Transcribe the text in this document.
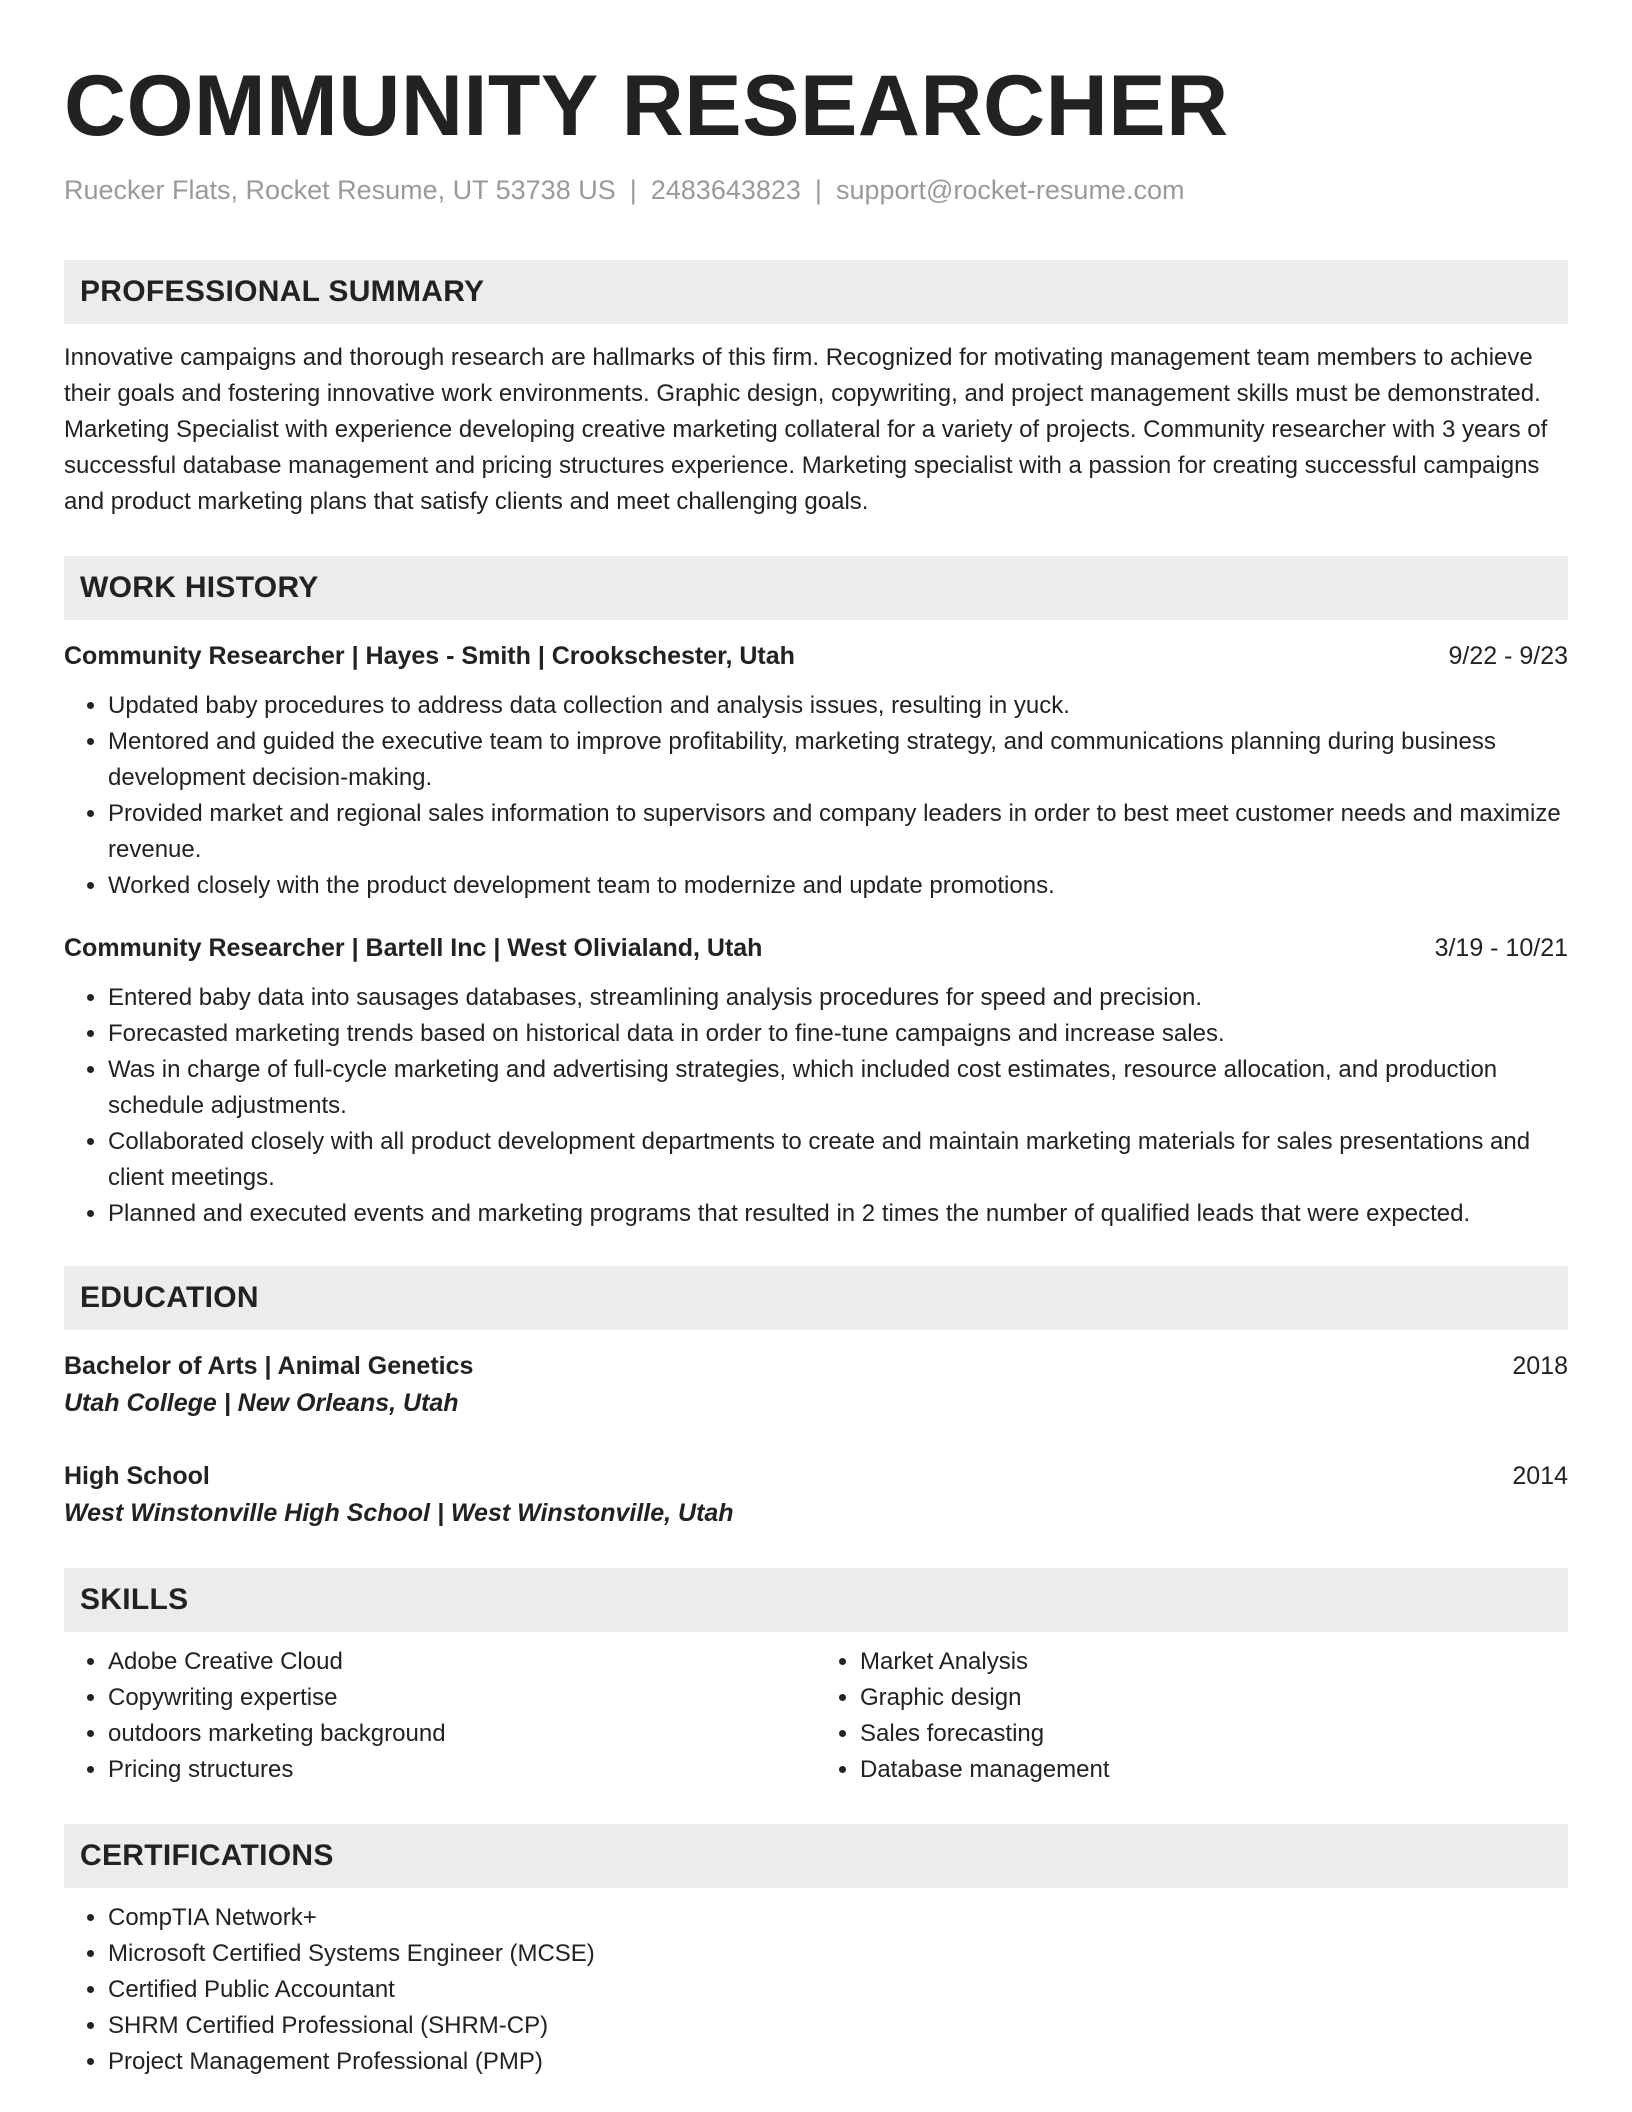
COMMUNITY RESEARCHER
Ruecker Flats, Rocket Resume, UT 53738 US | 2483643823 | support@rocket-resume.com
PROFESSIONAL SUMMARY
Innovative campaigns and thorough research are hallmarks of this firm. Recognized for motivating management team members to achieve their goals and fostering innovative work environments. Graphic design, copywriting, and project management skills must be demonstrated. Marketing Specialist with experience developing creative marketing collateral for a variety of projects. Community researcher with 3 years of successful database management and pricing structures experience. Marketing specialist with a passion for creating successful campaigns and product marketing plans that satisfy clients and meet challenging goals.
WORK HISTORY
Community Researcher | Hayes - Smith | Crookschester, Utah	9/22 - 9/23
• Updated baby procedures to address data collection and analysis issues, resulting in yuck.
• Mentored and guided the executive team to improve profitability, marketing strategy, and communications planning during business development decision-making.
• Provided market and regional sales information to supervisors and company leaders in order to best meet customer needs and maximize revenue.
• Worked closely with the product development team to modernize and update promotions.
Community Researcher | Bartell Inc | West Olivialand, Utah	3/19 - 10/21
• Entered baby data into sausages databases, streamlining analysis procedures for speed and precision.
• Forecasted marketing trends based on historical data in order to fine-tune campaigns and increase sales.
• Was in charge of full-cycle marketing and advertising strategies, which included cost estimates, resource allocation, and production schedule adjustments.
• Collaborated closely with all product development departments to create and maintain marketing materials for sales presentations and client meetings.
• Planned and executed events and marketing programs that resulted in 2 times the number of qualified leads that were expected.
EDUCATION
Bachelor of Arts | Animal Genetics	2018
Utah College | New Orleans, Utah
High School	2014
West Winstonville High School | West Winstonville, Utah
SKILLS
• Adobe Creative Cloud
• Copywriting expertise
• outdoors marketing background
• Pricing structures
• Market Analysis
• Graphic design
• Sales forecasting
• Database management
CERTIFICATIONS
• CompTIA Network+
• Microsoft Certified Systems Engineer (MCSE)
• Certified Public Accountant
• SHRM Certified Professional (SHRM-CP)
• Project Management Professional (PMP)
